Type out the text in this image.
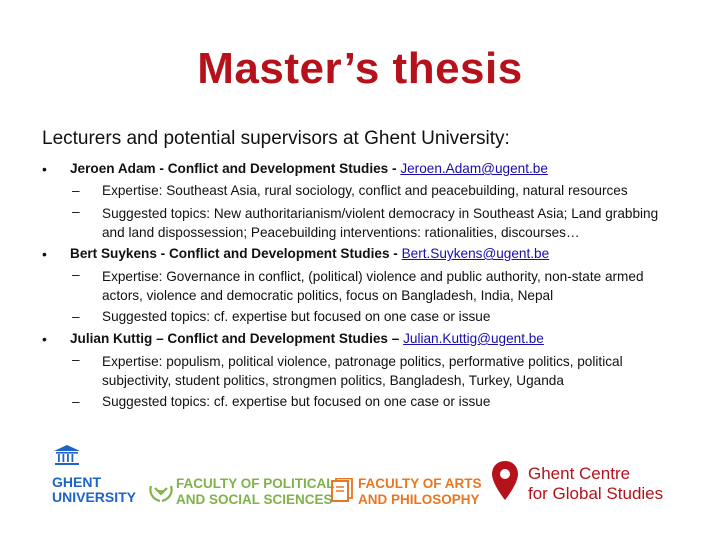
Master’s thesis
Lecturers and potential supervisors at Ghent University:
• Jeroen Adam - Conflict and Development Studies - Jeroen.Adam@ugent.be
– Expertise: Southeast Asia, rural sociology, conflict and peacebuilding, natural resources
– Suggested topics: New authoritarianism/violent democracy in Southeast Asia; Land grabbing and land dispossession; Peacebuilding interventions: rationalities, discourses…
• Bert Suykens - Conflict and Development Studies - Bert.Suykens@ugent.be
– Expertise: Governance in conflict, (political) violence and public authority, non-state armed actors, violence and democratic politics, focus on Bangladesh, India, Nepal
– Suggested topics: cf. expertise but focused on one case or issue
• Julian Kuttig – Conflict and Development Studies – Julian.Kuttig@ugent.be
– Expertise: populism, political violence, patronage politics, performative politics, political subjectivity, student politics, strongmen politics, Bangladesh, Turkey, Uganda
– Suggested topics: cf. expertise but focused on one case or issue
GHENT
UNIVERSITY
FACULTY OF POLITICAL
AND SOCIAL SCIENCES
FACULTY OF ARTS
AND PHILOSOPHY
Ghent Centre
for Global Studies
